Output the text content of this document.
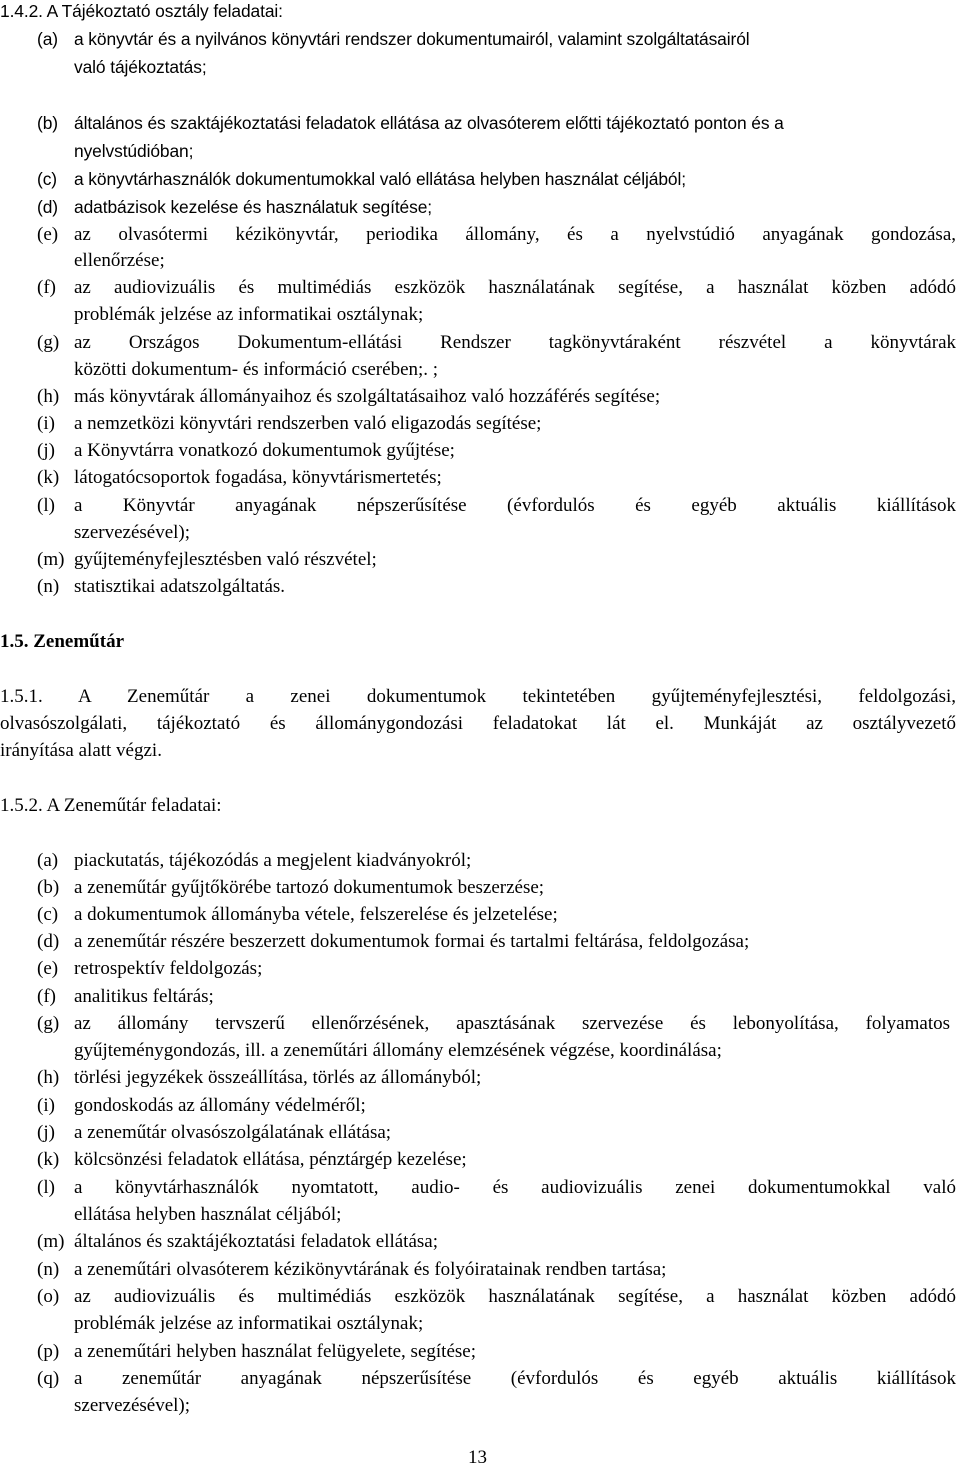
1.4.2. A Tájékoztató osztály feladatai:
(a) a könyvtár és a nyilvános könyvtári rendszer dokumentumairól, valamint szolgáltatásairól
való tájékoztatás;
(b) általános és szaktájékoztatási feladatok ellátása az olvasóterem előtti tájékoztató ponton és a
nyelvstúdióban;
(c) a könyvtárhasználók dokumentumokkal való ellátása helyben használat céljából;
(d) adatbázisok kezelése és használatuk segítése;
(e) az olvasótermi kézikönyvtár, periodika állomány, és a nyelvstúdió anyagának gondozása,
ellenőrzése;
(f) az audiovizuális és multimédiás eszközök használatának segítése, a használat közben adódó
problémák jelzése az informatikai osztálynak;
(g) az Országos Dokumentum-ellátási Rendszer tagkönyvtáraként részvétel a könyvtárak
közötti dokumentum- és információ cserében;. ;
(h) más könyvtárak állományaihoz és szolgáltatásaihoz való hozzáférés segítése;
(i) a nemzetközi könyvtári rendszerben való eligazodás segítése;
(j) a Könyvtárra vonatkozó dokumentumok gyűjtése;
(k) látogatócsoportok fogadása, könyvtárismertetés;
(l) a Könyvtár anyagának népszerűsítése (évfordulós és egyéb aktuális kiállítások
szervezésével);
(m) gyűjteményfejlesztésben való részvétel;
(n) statisztikai adatszolgáltatás.
1.5. Zeneműtár
1.5.1. A Zeneműtár a zenei dokumentumok tekintetében gyűjteményfejlesztési, feldolgozási,
olvasószolgálati, tájékoztató és állománygondozási feladatokat lát el. Munkáját az osztályvezető
irányítása alatt végzi.
1.5.2. A Zeneműtár feladatai:
(a) piackutatás, tájékozódás a megjelent kiadványokról;
(b) a zeneműtár gyűjtőkörébe tartozó dokumentumok beszerzése;
(c) a dokumentumok állományba vétele, felszerelése és jelzetelése;
(d) a zeneműtár részére beszerzett dokumentumok formai és tartalmi feltárása, feldolgozása;
(e) retrospektív feldolgozás;
(f) analitikus feltárás;
(g) az állomány tervszerű ellenőrzésének, apasztásának szervezése és lebonyolítása, folyamatos
gyűjteménygondozás, ill. a zeneműtári állomány elemzésének végzése, koordinálása;
(h) törlési jegyzékek összeállítása, törlés az állományból;
(i) gondoskodás az állomány védelméről;
(j) a zeneműtár olvasószolgálatának ellátása;
(k) kölcsönzési feladatok ellátása, pénztárgép kezelése;
(l) a könyvtárhasználók nyomtatott, audio- és audiovizuális zenei dokumentumokkal való
ellátása helyben használat céljából;
(m) általános és szaktájékoztatási feladatok ellátása;
(n) a zeneműtári olvasóterem kézikönyvtárának és folyóiratainak rendben tartása;
(o) az audiovizuális és multimédiás eszközök használatának segítése, a használat közben adódó
problémák jelzése az informatikai osztálynak;
(p) a zeneműtári helyben használat felügyelete, segítése;
(q) a zeneműtár anyagának népszerűsítése (évfordulós és egyéb aktuális kiállítások
szervezésével);
13
